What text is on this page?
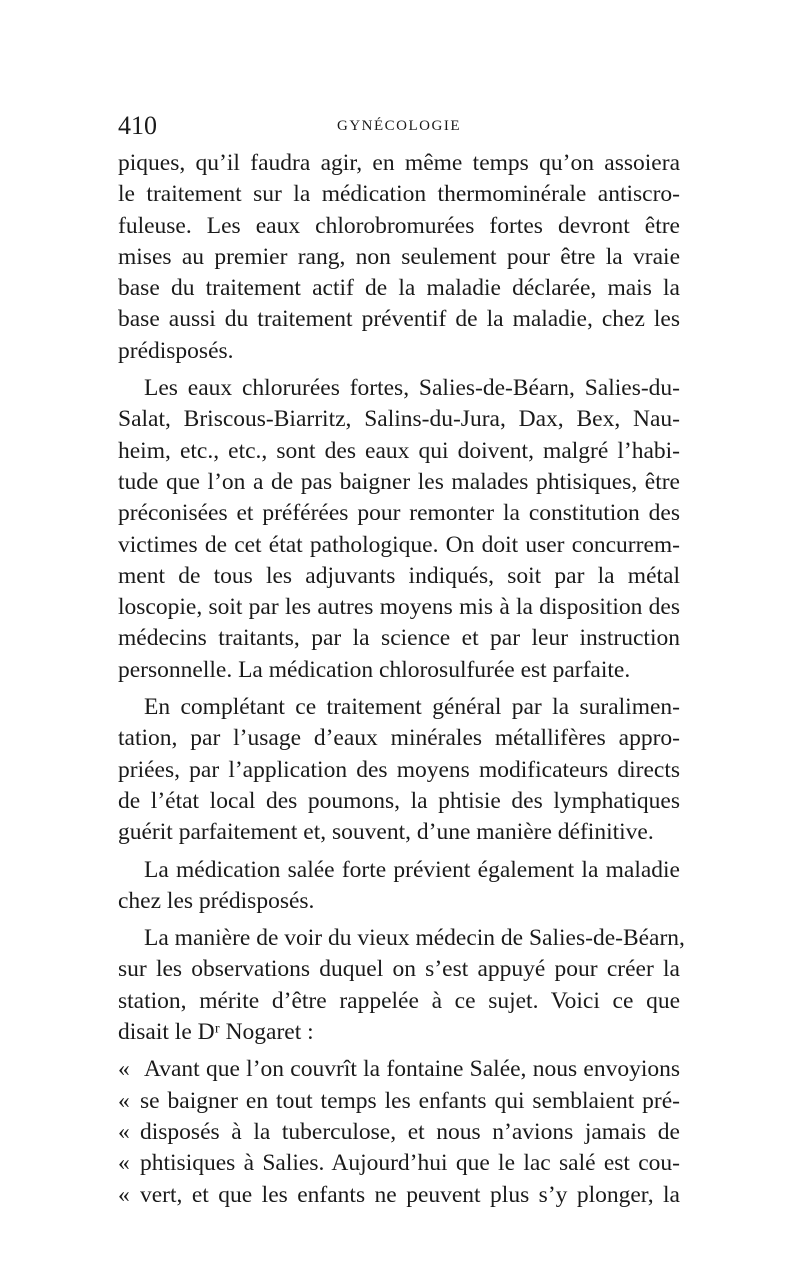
410	GYNÉCOLOGIE
piques, qu’il faudra agir, en même temps qu’on assoiera
le traitement sur la médication thermominérale antiscro-
fuleuse. Les eaux chlorobromurées fortes devront être
mises au premier rang, non seulement pour être la vraie
base du traitement actif de la maladie déclarée, mais la
base aussi du traitement préventif de la maladie, chez les
prédisposés.
Les eaux chlorurées fortes, Salies-de-Béarn, Salies-du-
Salat, Briscous-Biarritz, Salins-du-Jura, Dax, Bex, Nau-
heim, etc., etc., sont des eaux qui doivent, malgré l’habi-
tude que l’on a de pas baigner les malades phtisiques, être
préconisées et préférées pour remonter la constitution des
victimes de cet état pathologique. On doit user concurrem-
ment de tous les adjuvants indiqués, soit par la métal
loscopie, soit par les autres moyens mis à la disposition des
médecins traitants, par la science et par leur instruction
personnelle. La médication chlorosulfurée est parfaite.
En complétant ce traitement général par la suralimen-
tation, par l’usage d’eaux minérales métallifères appro-
priées, par l’application des moyens modificateurs directs
de l’état local des poumons, la phtisie des lymphatiques
guérit parfaitement et, souvent, d’une manière définitive.
La médication salée forte prévient également la maladie
chez les prédisposés.
La manière de voir du vieux médecin de Salies-de-Béarn,
sur les observations duquel on s’est appuyé pour créer la
station, mérite d’être rappelée à ce sujet. Voici ce que
disait le Dʳ Nogaret :
« Avant que l’on couvrît la fontaine Salée, nous envoyions
« se baigner en tout temps les enfants qui semblaient pré-
« disposés à la tuberculose, et nous n’avions jamais de
« phtisiques à Salies. Aujourd’hui que le lac salé est cou-
« vert, et que les enfants ne peuvent plus s’y plonger, la
